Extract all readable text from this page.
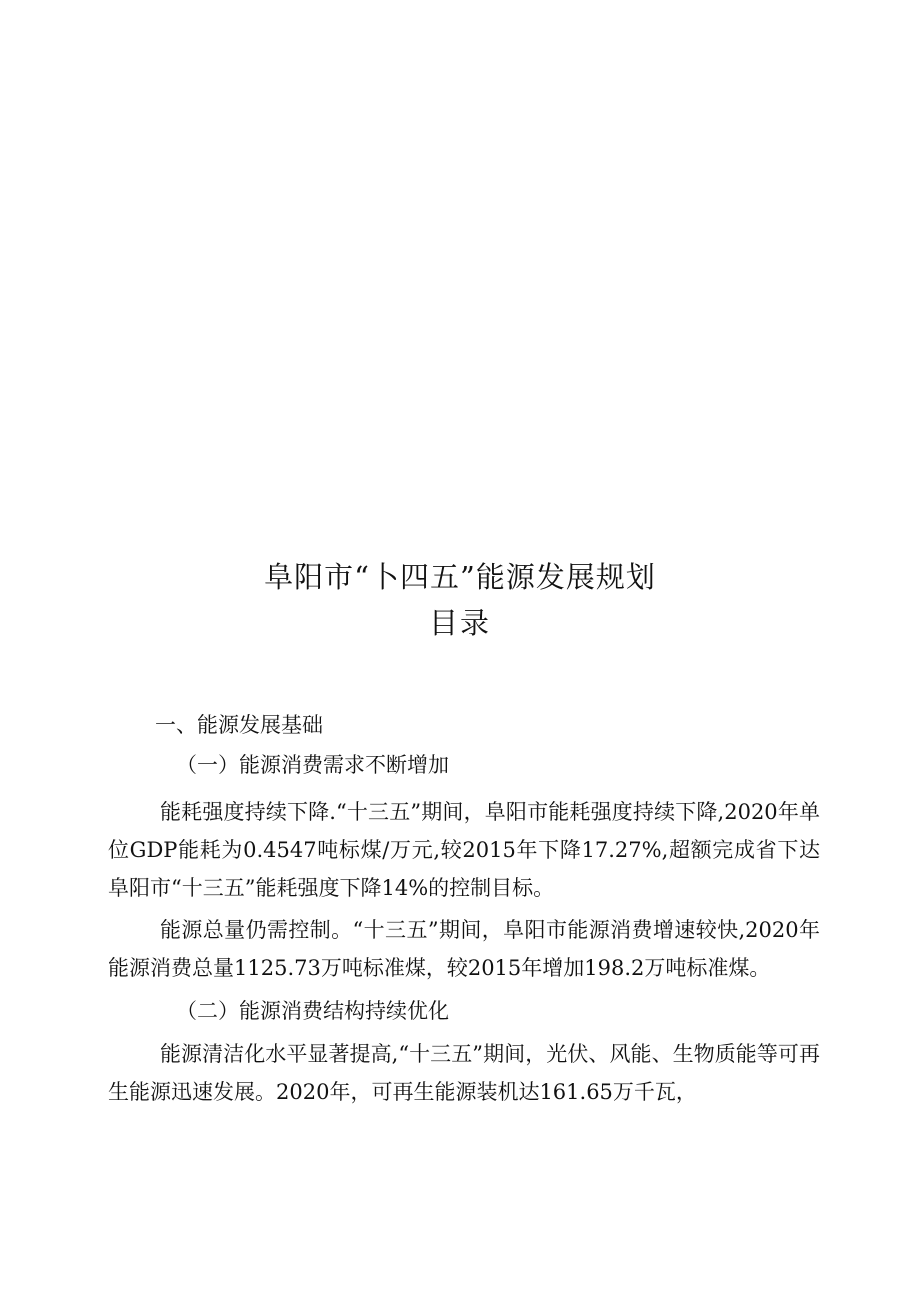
阜阳市“卜四五”能源发展规划
目录

一、能源发展基础

（一）能源消费需求不断增加

能耗强度持续下降.“十三五”期间，阜阳市能耗强度持续下降,2020年单位GDP能耗为0.4547吨标煤/万元,较2015年下降17.27%,超额完成省下达阜阳市“十三五”能耗强度下降14%的控制目标。

能源总量仍需控制。“十三五”期间，阜阳市能源消费增速较快,2020年能源消费总量1125.73万吨标准煤，较2015年增加198.2万吨标准煤。

（二）能源消费结构持续优化

能源清洁化水平显著提高,“十三五”期间，光伏、风能、生物质能等可再生能源迅速发展。2020年，可再生能源装机达161.65万千瓦，
